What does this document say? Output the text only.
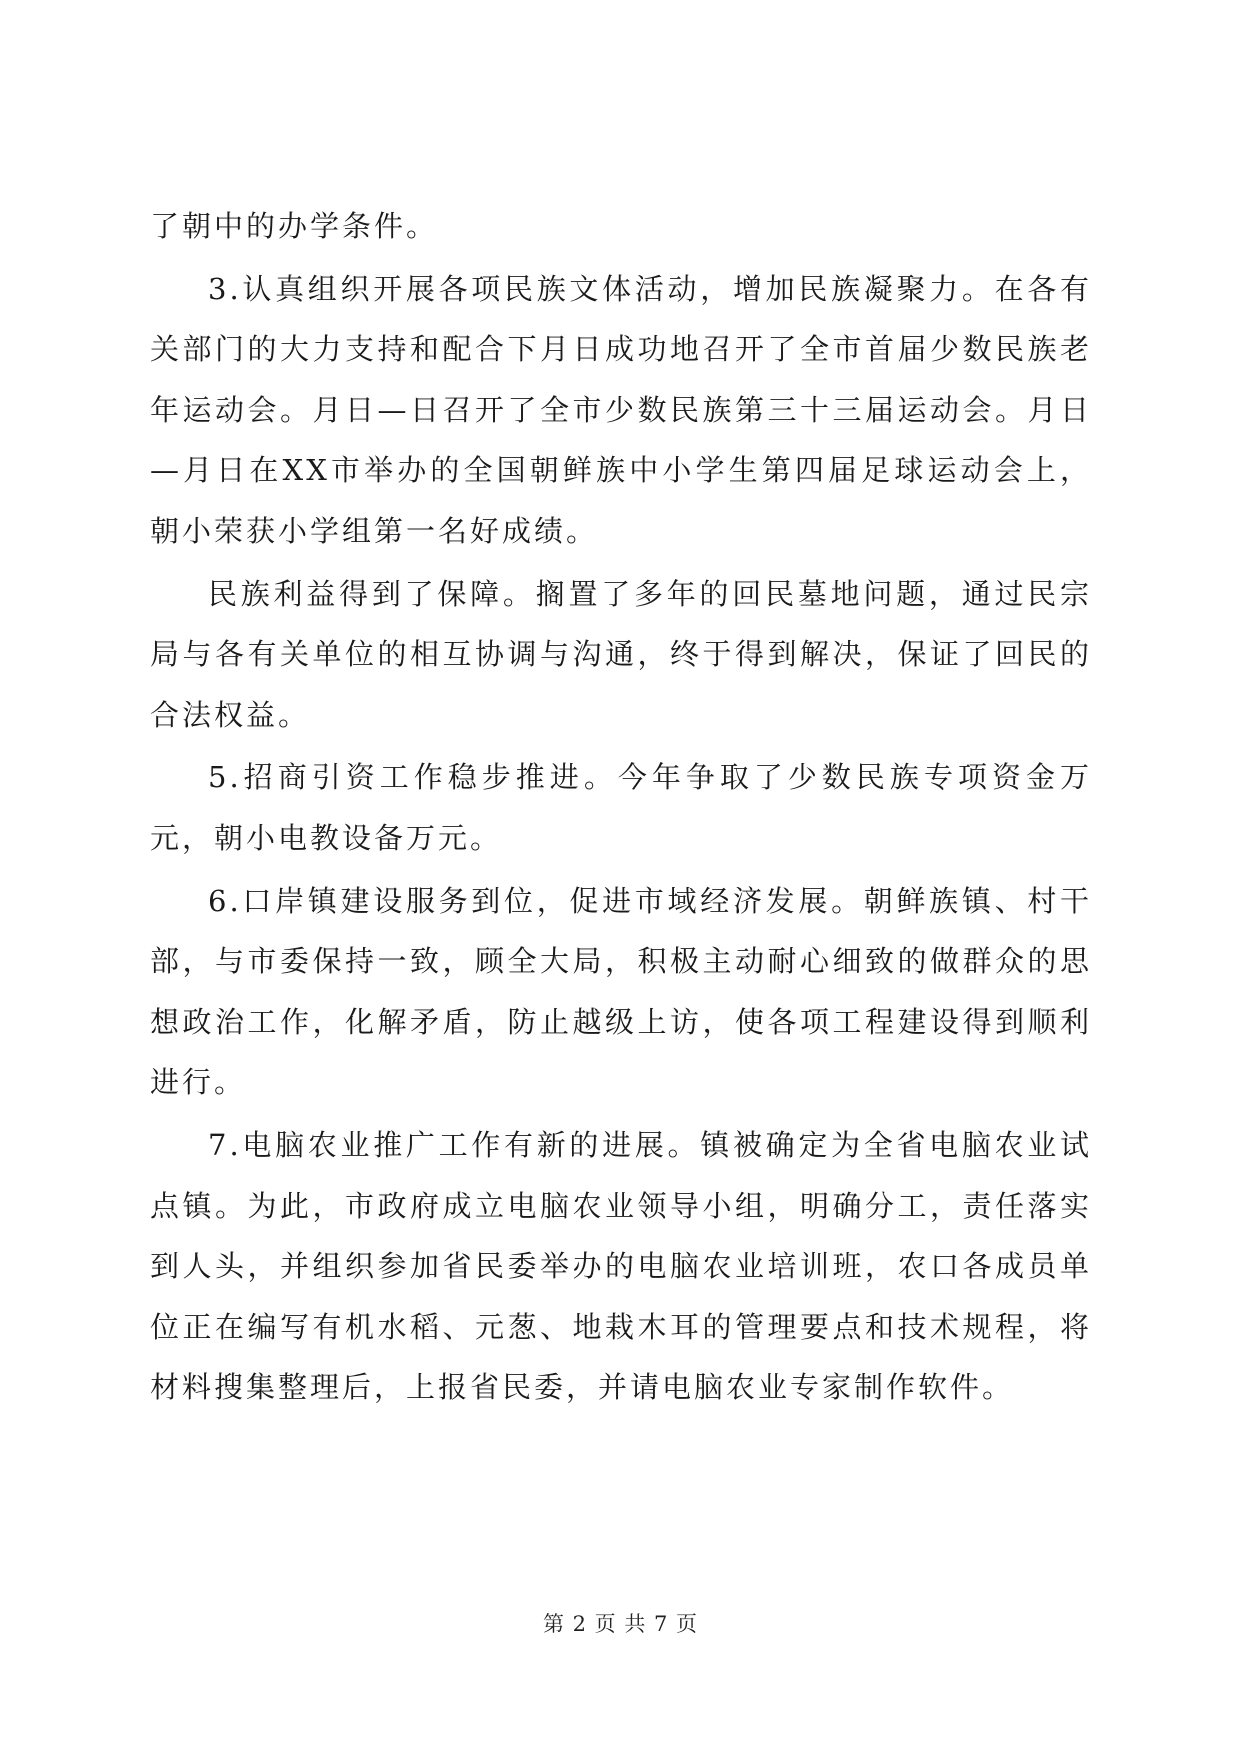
了朝中的办学条件。

3.认真组织开展各项民族文体活动，增加民族凝聚力。在各有关部门的大力支持和配合下月日成功地召开了全市首届少数民族老年运动会。月日—日召开了全市少数民族第三十三届运动会。月日—月日在XX市举办的全国朝鲜族中小学生第四届足球运动会上，朝小荣获小学组第一名好成绩。

民族利益得到了保障。搁置了多年的回民墓地问题，通过民宗局与各有关单位的相互协调与沟通，终于得到解决，保证了回民的合法权益。

5.招商引资工作稳步推进。今年争取了少数民族专项资金万元，朝小电教设备万元。

6.口岸镇建设服务到位，促进市域经济发展。朝鲜族镇、村干部，与市委保持一致，顾全大局，积极主动耐心细致的做群众的思想政治工作，化解矛盾，防止越级上访，使各项工程建设得到顺利进行。

7.电脑农业推广工作有新的进展。镇被确定为全省电脑农业试点镇。为此，市政府成立电脑农业领导小组，明确分工，责任落实到人头，并组织参加省民委举办的电脑农业培训班，农口各成员单位正在编写有机水稻、元葱、地栽木耳的管理要点和技术规程，将材料搜集整理后，上报省民委，并请电脑农业专家制作软件。

第 2 页 共 7 页
